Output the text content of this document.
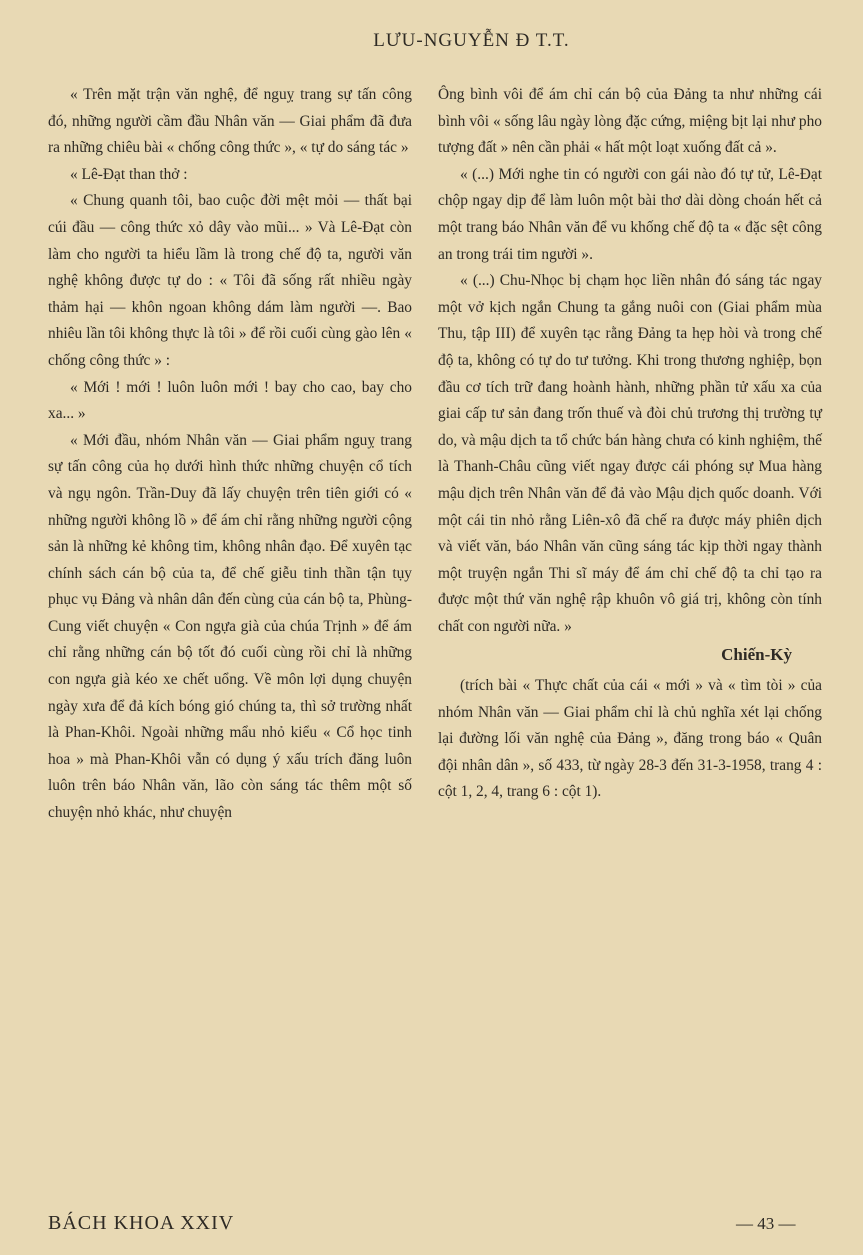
LƯU-NGUYỄN Đ T.T.

« Trên mặt trận văn nghệ, để nguỵ trang sự tấn công đó, những người cầm đầu Nhân văn — Giai phẩm đã đưa ra những chiêu bài « chống công thức », « tự do sáng tác »

« Lê-Đạt than thở :

« Chung quanh tôi, bao cuộc đời mệt mỏi — thất bại cúi đầu — công thức xỏ dây vào mũi... » Và Lê-Đạt còn làm cho người ta hiểu lầm là trong chế độ ta, người văn nghệ không được tự do : « Tôi đã sống rất nhiều ngày thảm hại — khôn ngoan không dám làm người —. Bao nhiêu lần tôi không thực là tôi » để rồi cuối cùng gào lên « chống công thức » :

« Mới ! mới ! luôn luôn mới ! bay cho cao, bay cho xa... »

« Mới đầu, nhóm Nhân văn — Giai phẩm nguỵ trang sự tấn công của họ dưới hình thức những chuyện cổ tích và ngụ ngôn. Trần-Duy đã lấy chuyện trên tiên giới có « những người không lồ » để ám chỉ rằng những người cộng sản là những kẻ không tim, không nhân đạo. Để xuyên tạc chính sách cán bộ của ta, để chế giễu tinh thần tận tụy phục vụ Đảng và nhân dân đến cùng của cán bộ ta, Phùng-Cung viết chuyện « Con ngựa già của chúa Trịnh » để ám chỉ rằng những cán bộ tốt đó cuối cùng rồi chỉ là những con ngựa già kéo xe chết uổng. Về môn lợi dụng chuyện ngày xưa để đả kích bóng gió chúng ta, thì sở trường nhất là Phan-Khôi. Ngoài những mẩu nhỏ kiểu « Cổ học tinh hoa » mà Phan-Khôi vẫn có dụng ý xấu trích đăng luôn luôn trên báo Nhân văn, lão còn sáng tác thêm một số chuyện nhỏ khác, như chuyện

Ông bình vôi để ám chỉ cán bộ của Đảng ta như những cái bình vôi « sống lâu ngày lòng đặc cứng, miệng bịt lại như pho tượng đất » nên cần phải « hất một loạt xuống đất cả ».

« (...) Mới nghe tin có người con gái nào đó tự tử, Lê-Đạt chộp ngay dịp để làm luôn một bài thơ dài dòng choán hết cả một trang báo Nhân văn để vu khống chế độ ta « đặc sệt công an trong trái tim người ».

« (...) Chu-Nhọc bị chạm học liền nhân đó sáng tác ngay một vở kịch ngắn Chung ta gắng nuôi con (Giai phẩm mùa Thu, tập III) để xuyên tạc rằng Đảng ta hẹp hòi và trong chế độ ta, không có tự do tư tưởng. Khi trong thương nghiệp, bọn đầu cơ tích trữ đang hoành hành, những phần tử xấu xa của giai cấp tư sản đang trốn thuế và đòi chủ trương thị trường tự do, và mậu dịch ta tổ chức bán hàng chưa có kinh nghiệm, thế là Thanh-Châu cũng viết ngay được cái phóng sự Mua hàng mậu dịch trên Nhân văn để đả vào Mậu dịch quốc doanh. Với một cái tin nhỏ rằng Liên-xô đã chế ra được máy phiên dịch và viết văn, báo Nhân văn cũng sáng tác kịp thời ngay thành một truyện ngắn Thi sĩ máy để ám chỉ chế độ ta chỉ tạo ra được một thứ văn nghệ rập khuôn vô giá trị, không còn tính chất con người nữa. »

Chiến-Kỳ

(trích bài « Thực chất của cái « mới » và « tìm tòi » của nhóm Nhân văn — Giai phẩm chỉ là chủ nghĩa xét lại chống lại đường lối văn nghệ của Đảng », đăng trong báo « Quân đội nhân dân », số 433, từ ngày 28-3 đến 31-3-1958, trang 4 : cột 1, 2, 4, trang 6 : cột 1).

BÁCH KHOA XXIV	— 43 —
